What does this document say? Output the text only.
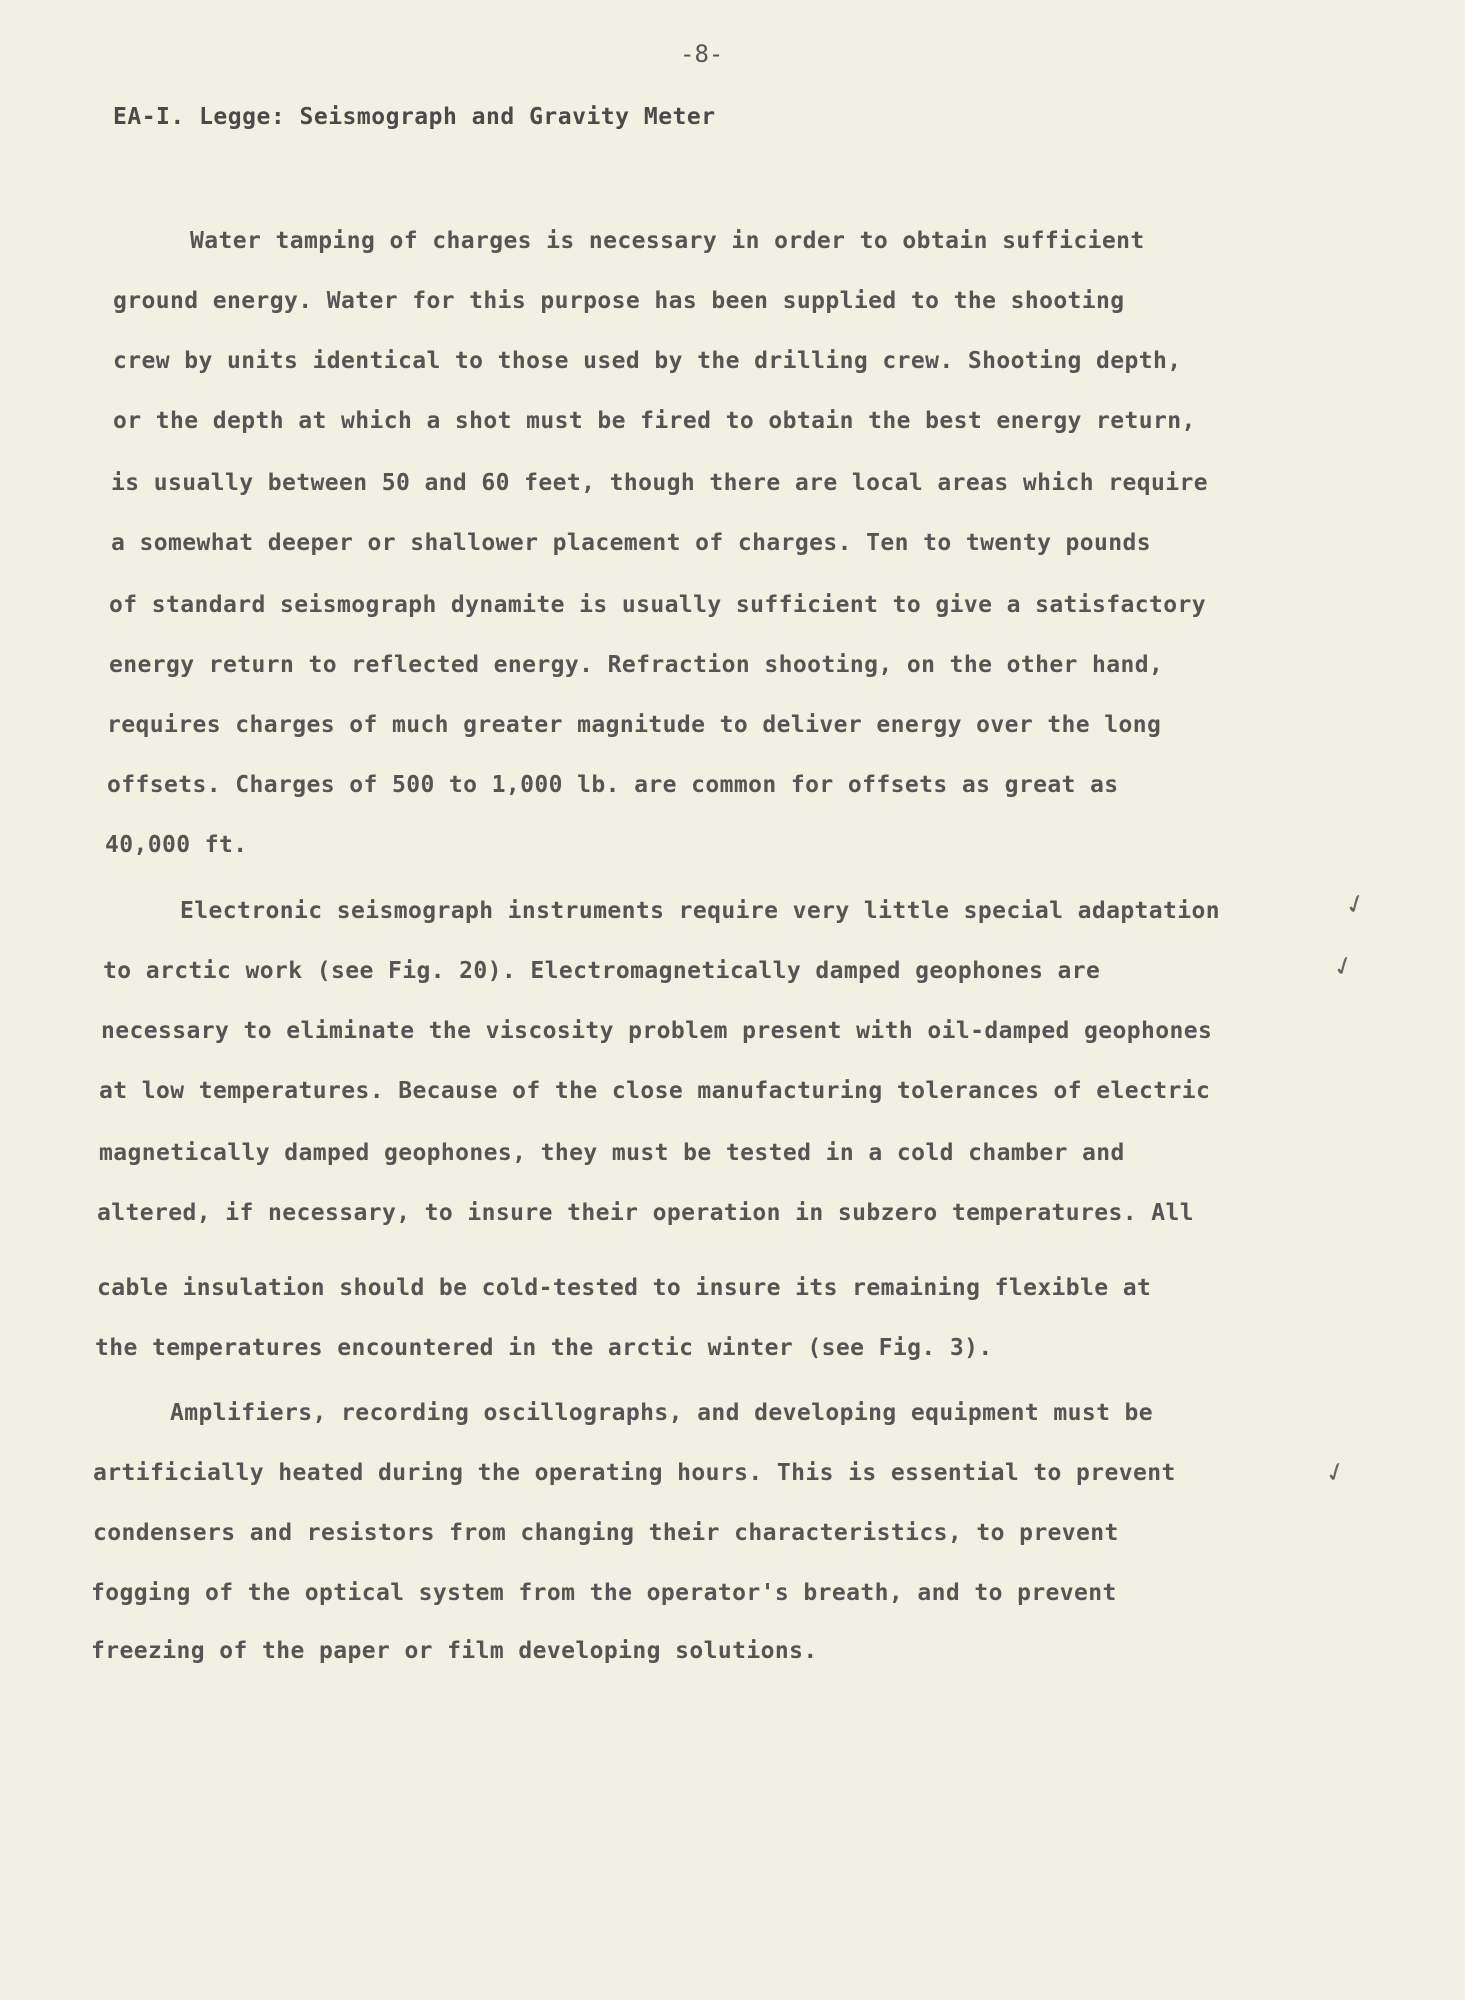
-8-
EA-I. Legge: Seismograph and Gravity Meter
Water tamping of charges is necessary in order to obtain sufficient
ground energy. Water for this purpose has been supplied to the shooting
crew by units identical to those used by the drilling crew. Shooting depth,
or the depth at which a shot must be fired to obtain the best energy return,
is usually between 50 and 60 feet, though there are local areas which require
a somewhat deeper or shallower placement of charges. Ten to twenty pounds
of standard seismograph dynamite is usually sufficient to give a satisfactory
energy return to reflected energy. Refraction shooting, on the other hand,
requires charges of much greater magnitude to deliver energy over the long
offsets. Charges of 500 to 1,000 lb. are common for offsets as great as
40,000 ft.
Electronic seismograph instruments require very little special adaptation
to arctic work (see Fig. 20). Electromagnetically damped geophones are
necessary to eliminate the viscosity problem present with oil-damped geophones
at low temperatures. Because of the close manufacturing tolerances of electric
magnetically damped geophones, they must be tested in a cold chamber and
altered, if necessary, to insure their operation in subzero temperatures. All
cable insulation should be cold-tested to insure its remaining flexible at
the temperatures encountered in the arctic winter (see Fig. 3).
Amplifiers, recording oscillographs, and developing equipment must be
artificially heated during the operating hours. This is essential to prevent
condensers and resistors from changing their characteristics, to prevent
fogging of the optical system from the operator's breath, and to prevent
freezing of the paper or film developing solutions.
✓
✓
✓
